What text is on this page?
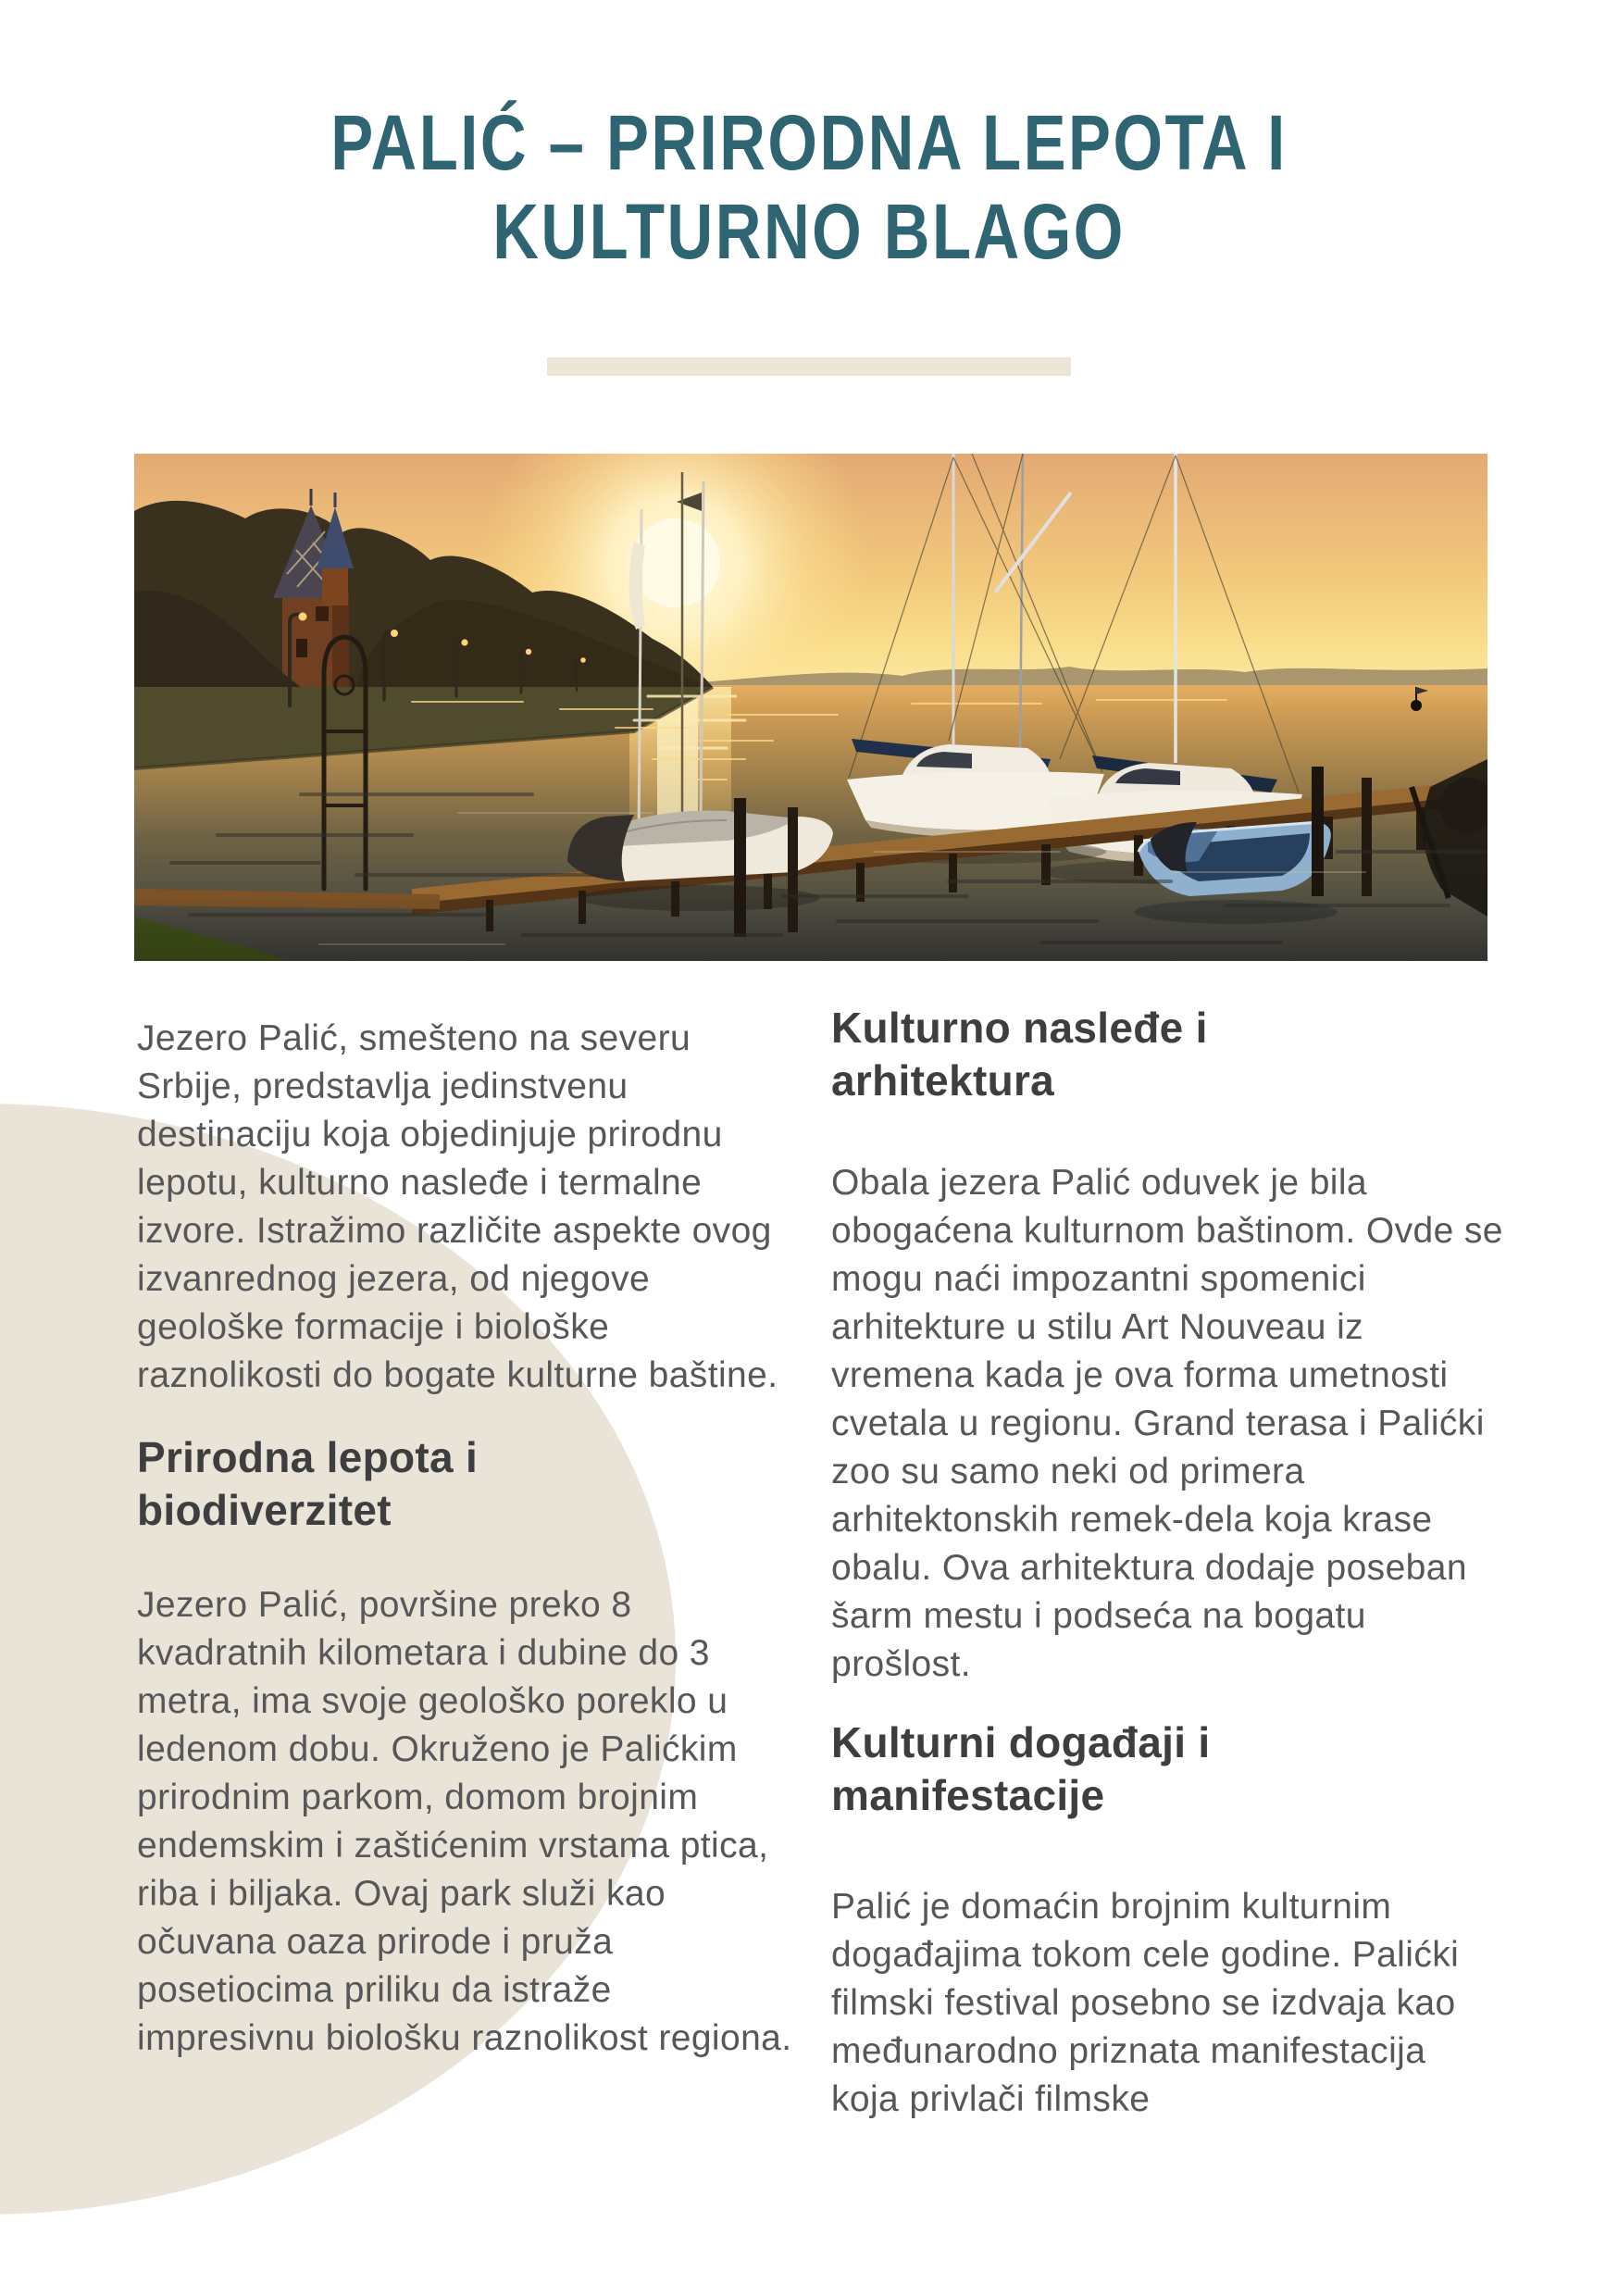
PALIĆ – PRIRODNA LEPOTA I
KULTURNO BLAGO

Jezero Palić, smešteno na severu Srbije, predstavlja jedinstvenu destinaciju koja objedinjuje prirodnu lepotu, kulturno nasleđe i termalne izvore. Istražimo različite aspekte ovog izvanrednog jezera, od njegove geološke formacije i biološke raznolikosti do bogate kulturne baštine.

Prirodna lepota i
biodiverzitet

Jezero Palić, površine preko 8 kvadratnih kilometara i dubine do 3 metra, ima svoje geološko poreklo u ledenom dobu. Okruženo je Palićkim prirodnim parkom, domom brojnim endemskim i zaštićenim vrstama ptica, riba i biljaka. Ovaj park služi kao očuvana oaza prirode i pruža posetiocima priliku da istraže impresivnu biološku raznolikost regiona.

Kulturno nasleđe i
arhitektura

Obala jezera Palić oduvek je bila obogaćena kulturnom baštinom. Ovde se mogu naći impozantni spomenici arhitekture u stilu Art Nouveau iz vremena kada je ova forma umetnosti cvetala u regionu. Grand terasa i Palićki zoo su samo neki od primera arhitektonskih remek-dela koja krase obalu. Ova arhitektura dodaje poseban šarm mestu i podseća na bogatu prošlost.

Kulturni događaji i
manifestacije

Palić je domaćin brojnim kulturnim događajima tokom cele godine. Palićki filmski festival posebno se izdvaja kao međunarodno priznata manifestacija koja privlači filmske
